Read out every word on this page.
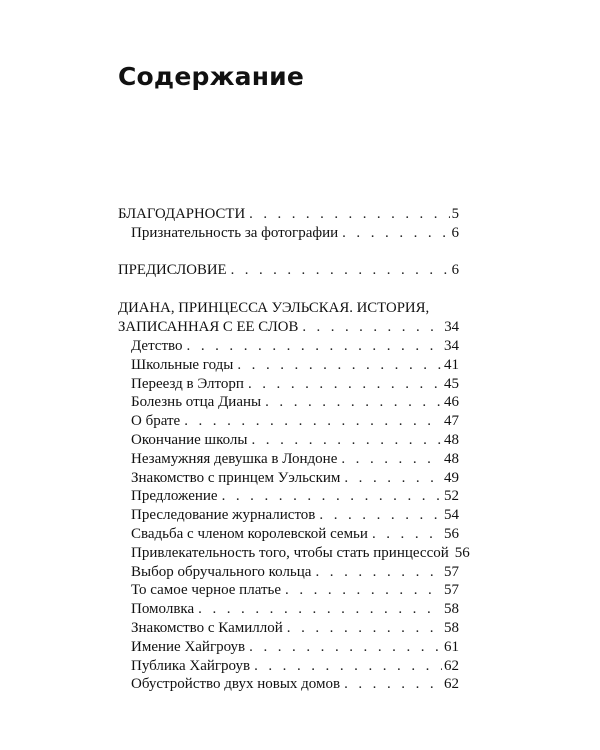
Содержание
БЛАГОДАРНОСТИ . . .	5
Признательность за фотографии . . .	6
ПРЕДИСЛОВИЕ . . .	6
ДИАНА, ПРИНЦЕССА УЭЛЬСКАЯ. ИСТОРИЯ,
ЗАПИСАННАЯ С ЕЕ СЛОВ . . .	34
Детство . . .	34
Школьные годы . . .	41
Переезд в Элторп . . .	45
Болезнь отца Дианы . . .	46
О брате . . .	47
Окончание школы . . .	48
Незамужняя девушка в Лондоне . . .	48
Знакомство с принцем Уэльским . . .	49
Предложение . . .	52
Преследование журналистов . . .	54
Свадьба с членом королевской семьи . . .	56
Привлекательность того, чтобы стать принцессой 56
Выбор обручального кольца . . .	57
То самое черное платье . . .	57
Помолвка . . .	58
Знакомство с Камиллой . . .	58
Имение Хайгроув . . .	61
Публика Хайгроув . . .	62
Обустройство двух новых домов . . .	62
